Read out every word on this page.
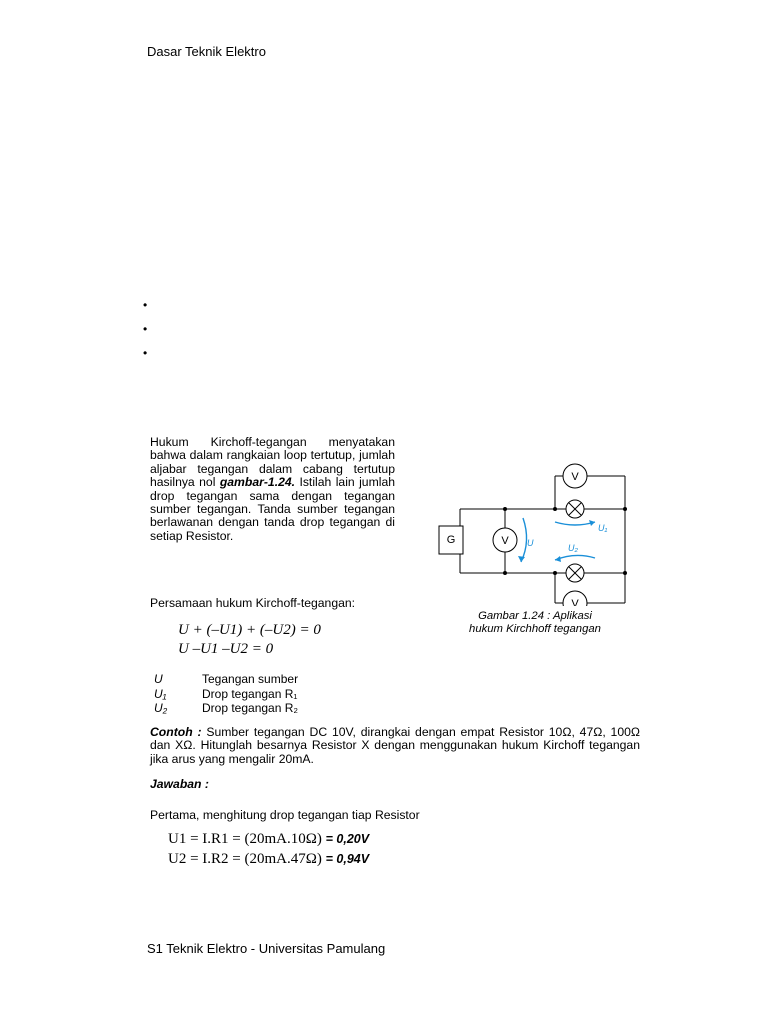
Dasar Teknik Elektro
•
•
•
Hukum Kirchoff-tegangan menyatakan bahwa dalam rangkaian loop tertutup, jumlah aljabar tegangan dalam cabang tertutup hasilnya nol gambar-1.24. Istilah lain jumlah drop tegangan sama dengan tegangan sumber tegangan. Tanda sumber tegangan berlawanan dengan tanda drop tegangan di setiap Resistor.	V
V
V
G
U₁
U₂
U
Gambar 1.24 : Aplikasi
hukum Kirchhoff tegangan
Persamaan hukum Kirchoff-tegangan:
U + (–U1) + (–U2) = 0
U –U1 –U2 = 0
U	Tegangan sumber
U₁	Drop tegangan R₁
U₂	Drop tegangan R₂
Contoh : Sumber tegangan DC 10V, dirangkai dengan empat Resistor 10Ω, 47Ω, 100Ω dan XΩ. Hitunglah besarnya Resistor X dengan menggunakan hukum Kirchoff tegangan jika arus yang mengalir 20mA.
Jawaban :
Pertama, menghitung drop tegangan tiap Resistor
U1 = I.R1 = (20mA.10Ω) = 0,20V
U2 = I.R2 = (20mA.47Ω) = 0,94V
S1 Teknik Elektro - Universitas Pamulang
